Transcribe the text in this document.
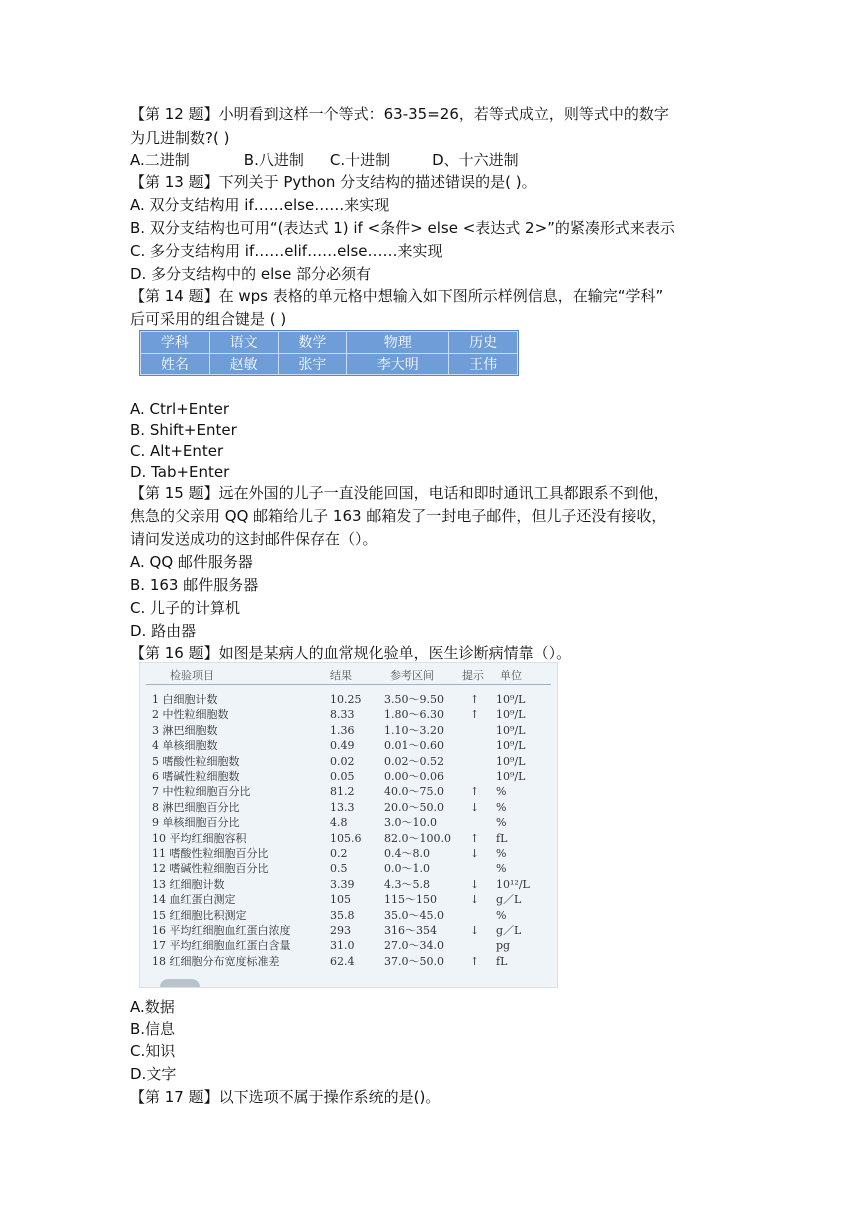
【第 12 题】小明看到这样一个等式：63-35=26，若等式成立，则等式中的数字
为几进制数?( )
A.二进制	B.八进制 C.十进制	D、十六进制
【第 13 题】下列关于 Python 分支结构的描述错误的是( )。
A. 双分支结构用 if……else……来实现
B. 双分支结构也可用“(表达式 1) if <条件> else <表达式 2>”的紧凑形式来表示
C. 多分支结构用 if……elif……else……来实现
D. 多分支结构中的 else 部分必须有
【第 14 题】在 wps 表格的单元格中想输入如下图所示样例信息，在输完“学科”
后可采用的组合键是 ( )
学科	语文	数学	物理	历史
姓名	赵敏	张宇	李大明	王伟
A. Ctrl+Enter
B. Shift+Enter
C. Alt+Enter
D. Tab+Enter
【第 15 题】远在外国的儿子一直没能回国，电话和即时通讯工具都跟系不到他，
焦急的父亲用 QQ 邮箱给儿子 163 邮箱发了一封电子邮件，但儿子还没有接收，
请问发送成功的这封邮件保存在（）。
A. QQ 邮件服务器
B. 163 邮件服务器
C. 儿子的计算机
D. 路由器
【第 16 题】如图是某病人的血常规化验单，医生诊断病情靠（）。
检验项目	结果	参考区间	提示 单位
1 白细胞计数	10.25 3.50～9.50 ↑ 10⁹/L
2 中性粒细胞数	8.33	1.80～6.30 ↑ 10⁹/L
3 淋巴细胞数	1.36	1.10～3.20	10⁹/L
4 单核细胞数	0.49	0.01～0.60	10⁹/L
5 嗜酸性粒细胞数	0.02	0.02～0.52	10⁹/L
6 嗜碱性粒细胞数	0.05	0.00～0.06	10⁹/L
7 中性粒细胞百分比	81.2	40.0～75.0 ↑ %
8 淋巴细胞百分比	13.3	20.0～50.0 ↓ %
9 单核细胞百分比	4.8	3.0～10.0	%
10 平均红细胞容积	105.6 82.0～100.0 ↑ fL
11 嗜酸性粒细胞百分比	0.2	0.4～8.0	↓ %
12 嗜碱性粒细胞百分比	0.5	0.0～1.0	%
13 红细胞计数	3.39	4.3～5.8	↓ 10¹²/L
14 血红蛋白测定	105	115～150	↓ g／L
15 红细胞比积测定	35.8	35.0～45.0	%
16 平均红细胞血红蛋白浓度	293	316～354	↓ g／L
17 平均红细胞血红蛋白含量	31.0	27.0～34.0	pg
18 红细胞分布宽度标准差	62.4	37.0～50.0 ↑ fL
A.数据
B.信息
C.知识
D.文字
【第 17 题】以下选项不属于操作系统的是()。
